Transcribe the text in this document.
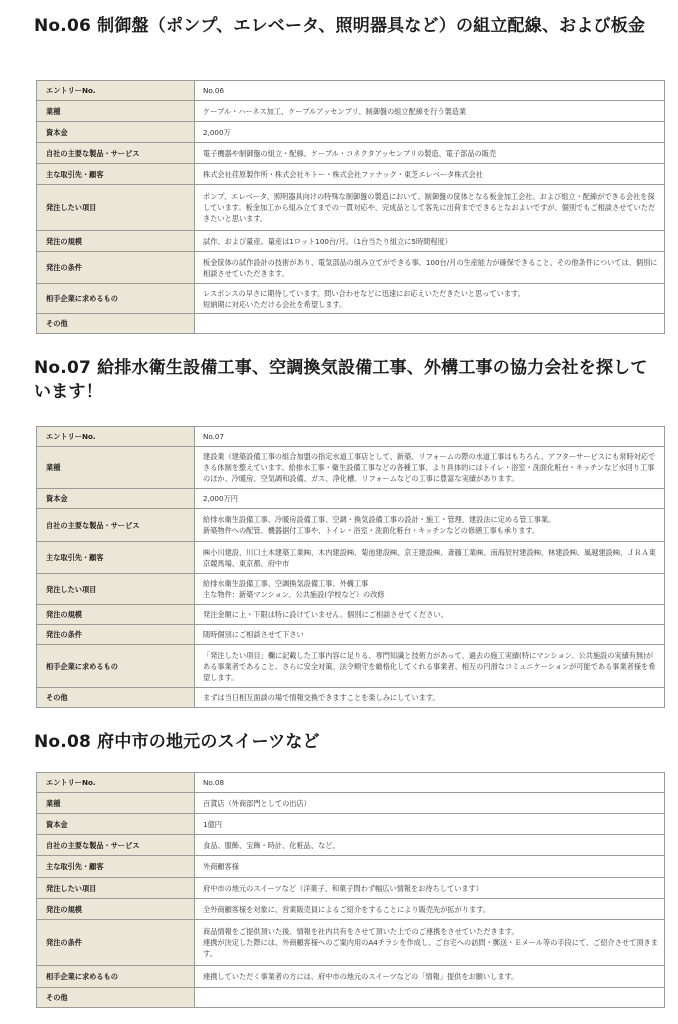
No.06 制御盤（ポンプ、エレベータ、照明器具など）の組立配線、および板金
エントリーNo.	No.06
業種	ケーブル・ハーネス加工、ケーブルアッセンブリ、制御盤の組立配線を行う製造業
資本金	2,000万
自社の主要な製品・サービス	電子機器や制御盤の組立・配線、ケーブル・コネクタアッセンブリの製造、電子部品の販売
主な取引先・顧客	株式会社荏原製作所・株式会社キトー・株式会社ファナック・東芝エレベータ株式会社
発注したい項目	ポンプ、エレベータ、照明器具向けの特殊な制御盤の製造において、制御盤の筐体となる板金加工会社、および組立・配線ができる会社を探しています。板金加工から組み立てまでの一貫対応や、完成品として客先に出荷までできるとなおよいですが、個別でもご相談させていただきたいと思います。
発注の規模	試作、および量産。量産は1ロット100台/月。（1台当たり組立に5時間程度）
発注の条件	板金筐体の試作設計の技術があり、電気部品の組み立てができる事。100台/月の生産能力が確保できること。その他条件については、個別に相談させていただきます。
相手企業に求めるもの	レスポンスの早さに期待しています。問い合わせなどに迅速にお応えいただきたいと思っています。
短納期に対応いただける会社を希望します。

その他	
No.07 給排水衛生設備工事、空調換気設備工事、外構工事の協力会社を探しています！
エントリーNo.	No.07
業種	建設業（建築設備工事の組合加盟の指定水道工事店として、新築、リフォームの際の水道工事はもちろん、アフターサービスにも常時対応できる体制を整えています。給排水工事・衛生設備工事などの各種工事、より具体的にはトイレ・浴室・洗面化粧台・キッチンなど水回り工事のほか、冷暖房、空気調和設備、ガス、浄化槽、リフォームなどの工事に豊富な実績があります。
資本金	2,000万円
自社の主要な製品・サービス	給排水衛生設備工事、冷暖房設備工事、空調・換気設備工事の設計・施工・管理、建設法に定める管工事業。
新築物件への配管、機器据付工事や、トイレ・浴室・洗面化粧台・キッチンなどの修繕工事も承ります。

主な取引先・顧客	㈱小川建設、川口土木建築工業㈱、木内建設㈱、菊池建設㈱、京王建設㈱、斎藤工業㈱、南海辰村建設㈱、林建設㈱、風越建設㈱、ＪＲＡ東京競馬場、東京都、府中市
発注したい項目	給排水衛生設備工事、空調換気設備工事、外構工事
主な物件：新築マンション、公共施設(学校など）の改修

発注の規模	発注金額に上・下限は特に設けていません。個別にご相談させてください。
発注の条件	随時個別にご相談させて下さい
相手企業に求めるもの	「発注したい項目」欄に記載した工事内容に足りる、専門知識と技術力があって、過去の施工実績(特にマンション、公共施設の実績有無)がある事業者であること。さらに安全対策、法令順守を厳格化してくれる事業者、相互の円滑なコミュニケーションが可能である事業者様を希望します。
その他	まずは当日相互面談の場で情報交換できますことを楽しみにしています。
No.08 府中市の地元のスイーツなど
エントリーNo.	No.08
業種	百貨店（外商部門としての出店）
資本金	1億円
自社の主要な製品・サービス	食品、服飾、宝飾・時計、化粧品、など。
主な取引先・顧客	外商顧客様
発注したい項目	府中市の地元のスイーツなど（洋菓子、和菓子問わず幅広い情報をお待ちしています）
発注の規模	全外商顧客様を対象に、営業販売員によるご紹介をすることにより販売先が拡がります。
発注の条件	商品情報をご提供頂いた後、情報を社内共有をさせて頂いた上でのご連携をさせていただきます。
連携が決定した際には、外商顧客様へのご案内用のA4チラシを作成し、ご自宅への訪問・郵送・Ｅメール等の手段にて、ご紹介させて頂きます。

相手企業に求めるもの	連携していただく事業者の方には、府中市の地元のスイーツなどの「情報」提供をお願いします。
その他	
